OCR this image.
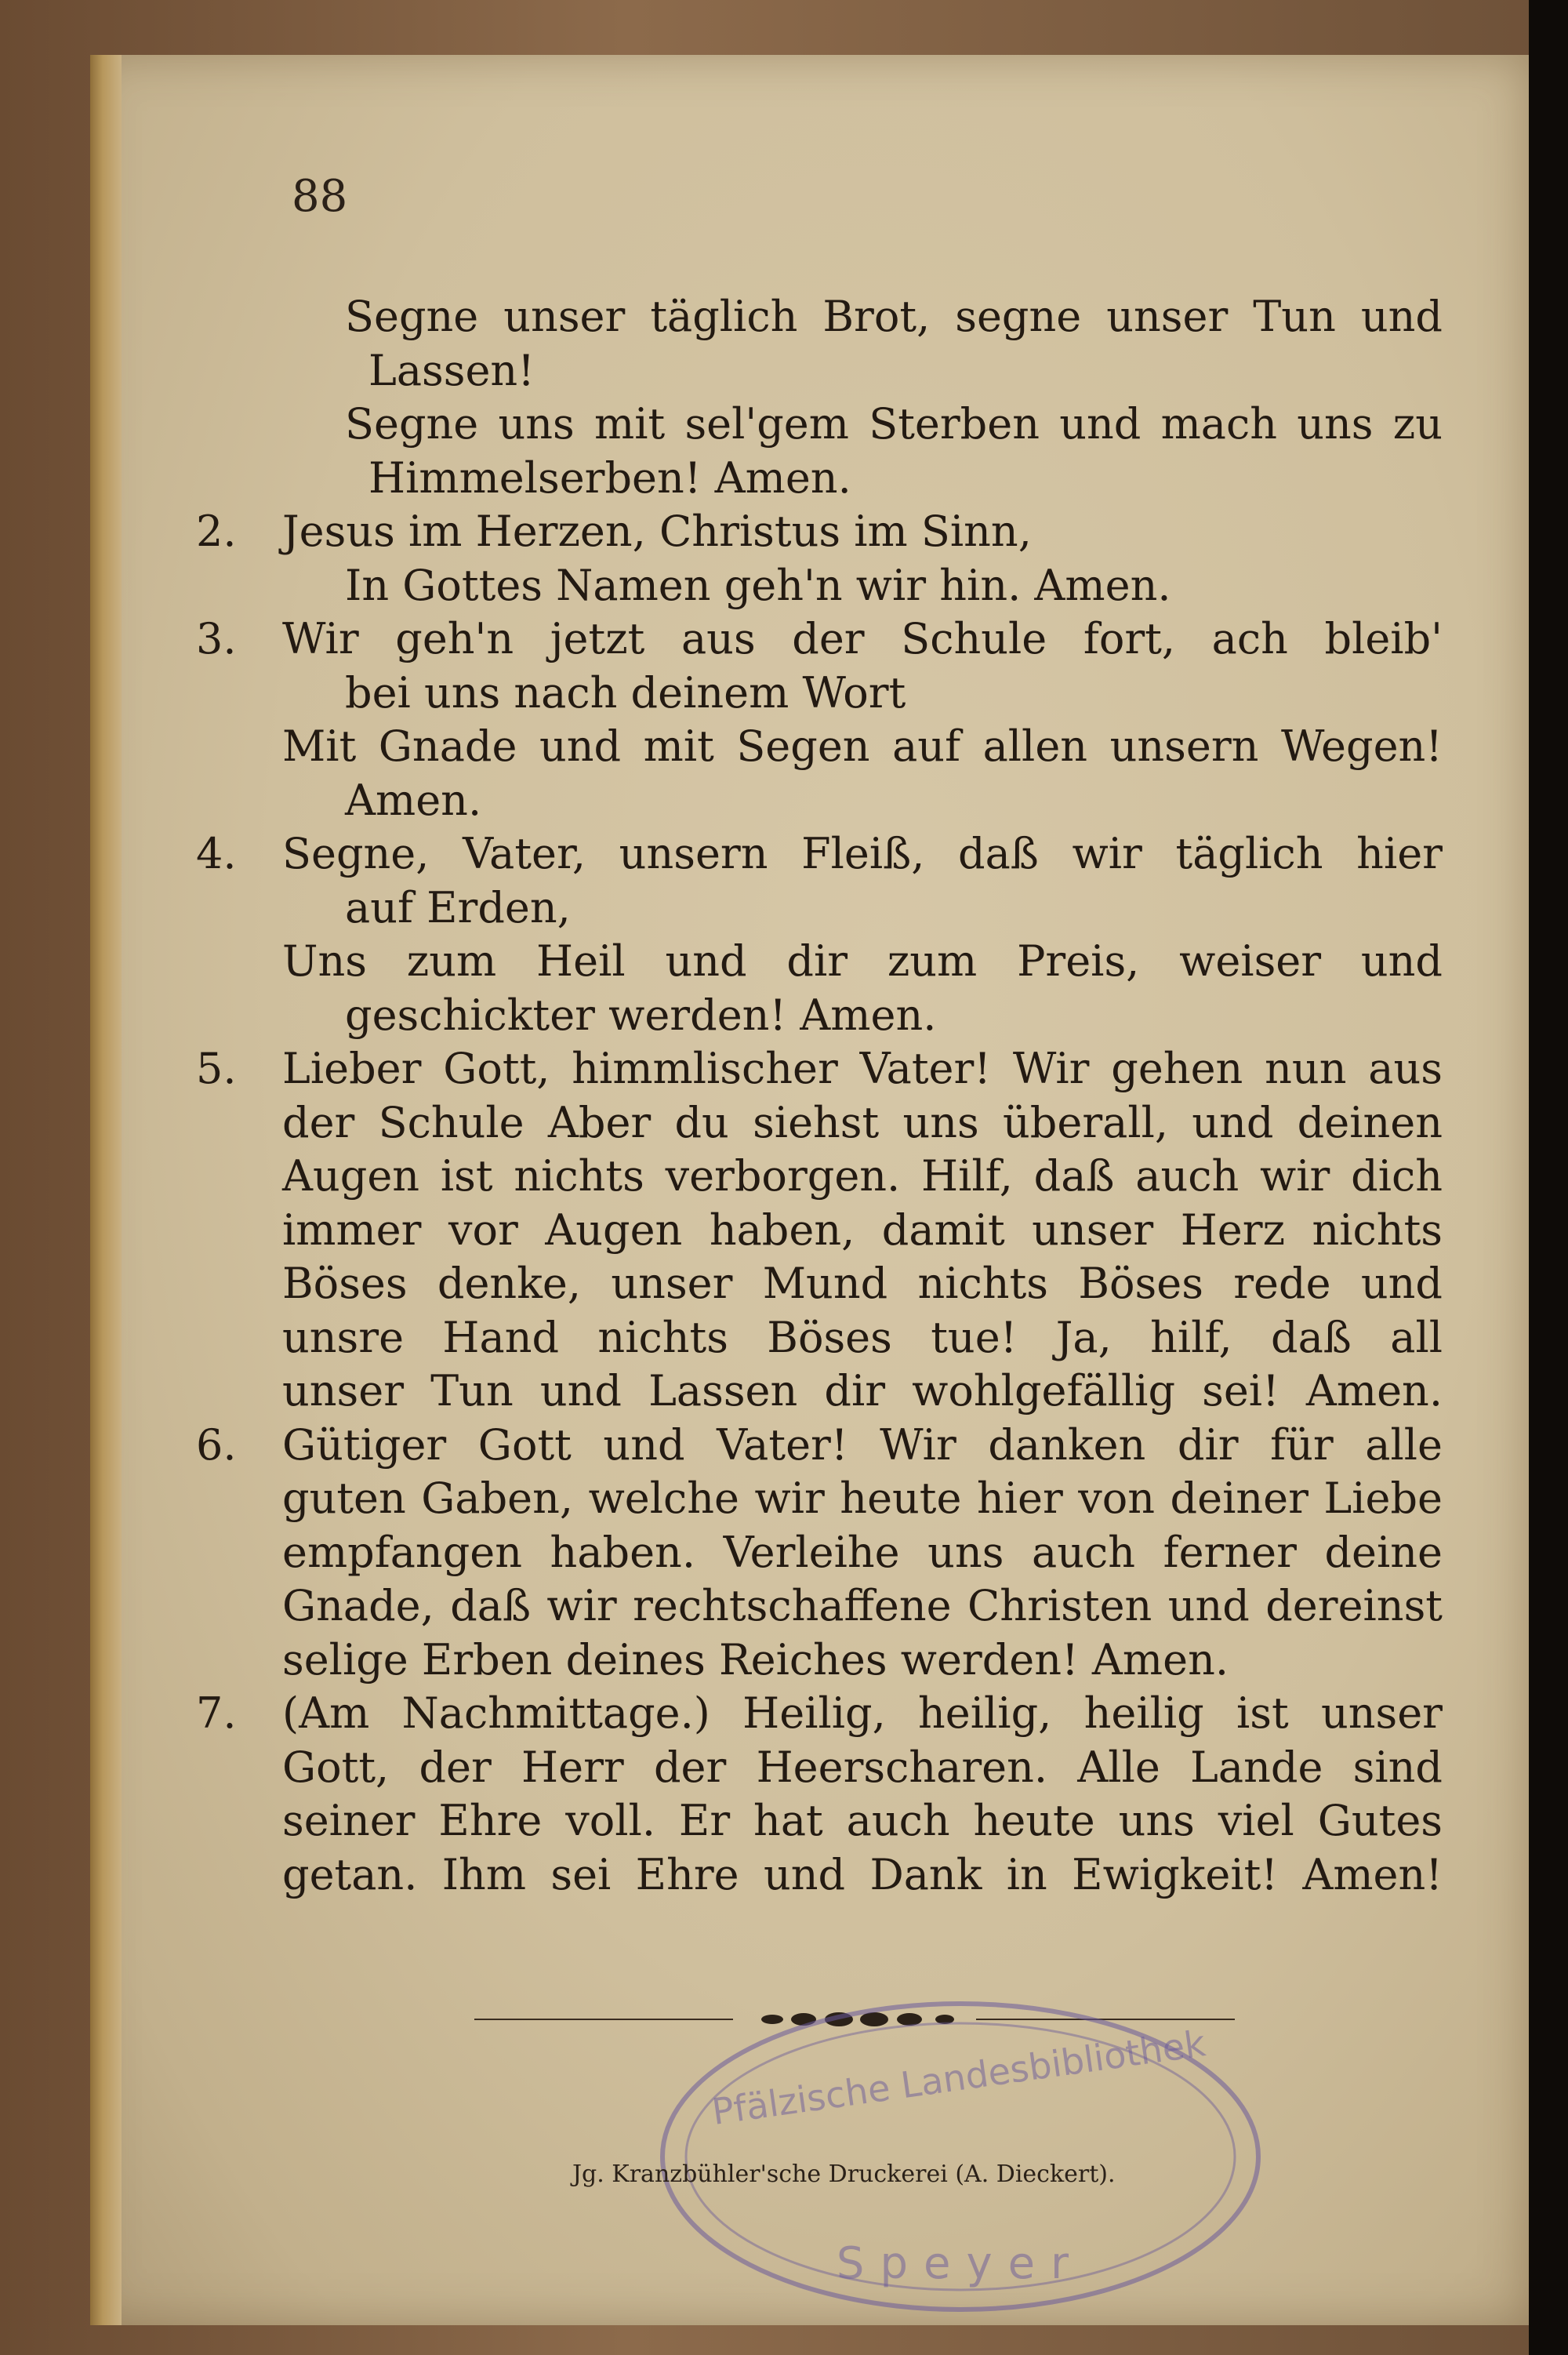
88

Segne unser täglich Brot, segne unser Tun und
Lassen!
Segne uns mit sel'gem Sterben und mach uns zu
Himmelserben! Amen.
2.	Jesus im Herzen, Christus im Sinn,
In Gottes Namen geh'n wir hin. Amen.
3.	Wir geh'n jetzt aus der Schule fort, ach bleib'
bei uns nach deinem Wort
Mit Gnade und mit Segen auf allen unsern Wegen!
Amen.
4.	Segne, Vater, unsern Fleiß, daß wir täglich hier
auf Erden,
Uns zum Heil und dir zum Preis, weiser und
geschickter werden! Amen.
5.	Lieber Gott, himmlischer Vater! Wir gehen nun aus
der Schule Aber du siehst uns überall, und deinen
Augen ist nichts verborgen. Hilf, daß auch wir dich
immer vor Augen haben, damit unser Herz nichts
Böses denke, unser Mund nichts Böses rede und
unsre Hand nichts Böses tue! Ja, hilf, daß all
unser Tun und Lassen dir wohlgefällig sei! Amen.
6.	Gütiger Gott und Vater! Wir danken dir für alle
guten Gaben, welche wir heute hier von deiner Liebe
empfangen haben. Verleihe uns auch ferner deine
Gnade, daß wir rechtschaffene Christen und dereinst
selige Erben deines Reiches werden! Amen.
7.	(Am Nachmittage.) Heilig, heilig, heilig ist unser
Gott, der Herr der Heerscharen. Alle Lande sind
seiner Ehre voll. Er hat auch heute uns viel Gutes
getan. Ihm sei Ehre und Dank in Ewigkeit! Amen!
Pfälzische Landesbibliothek
Speyer

Jg. Kranzbühler'sche Druckerei (A. Dieckert).
